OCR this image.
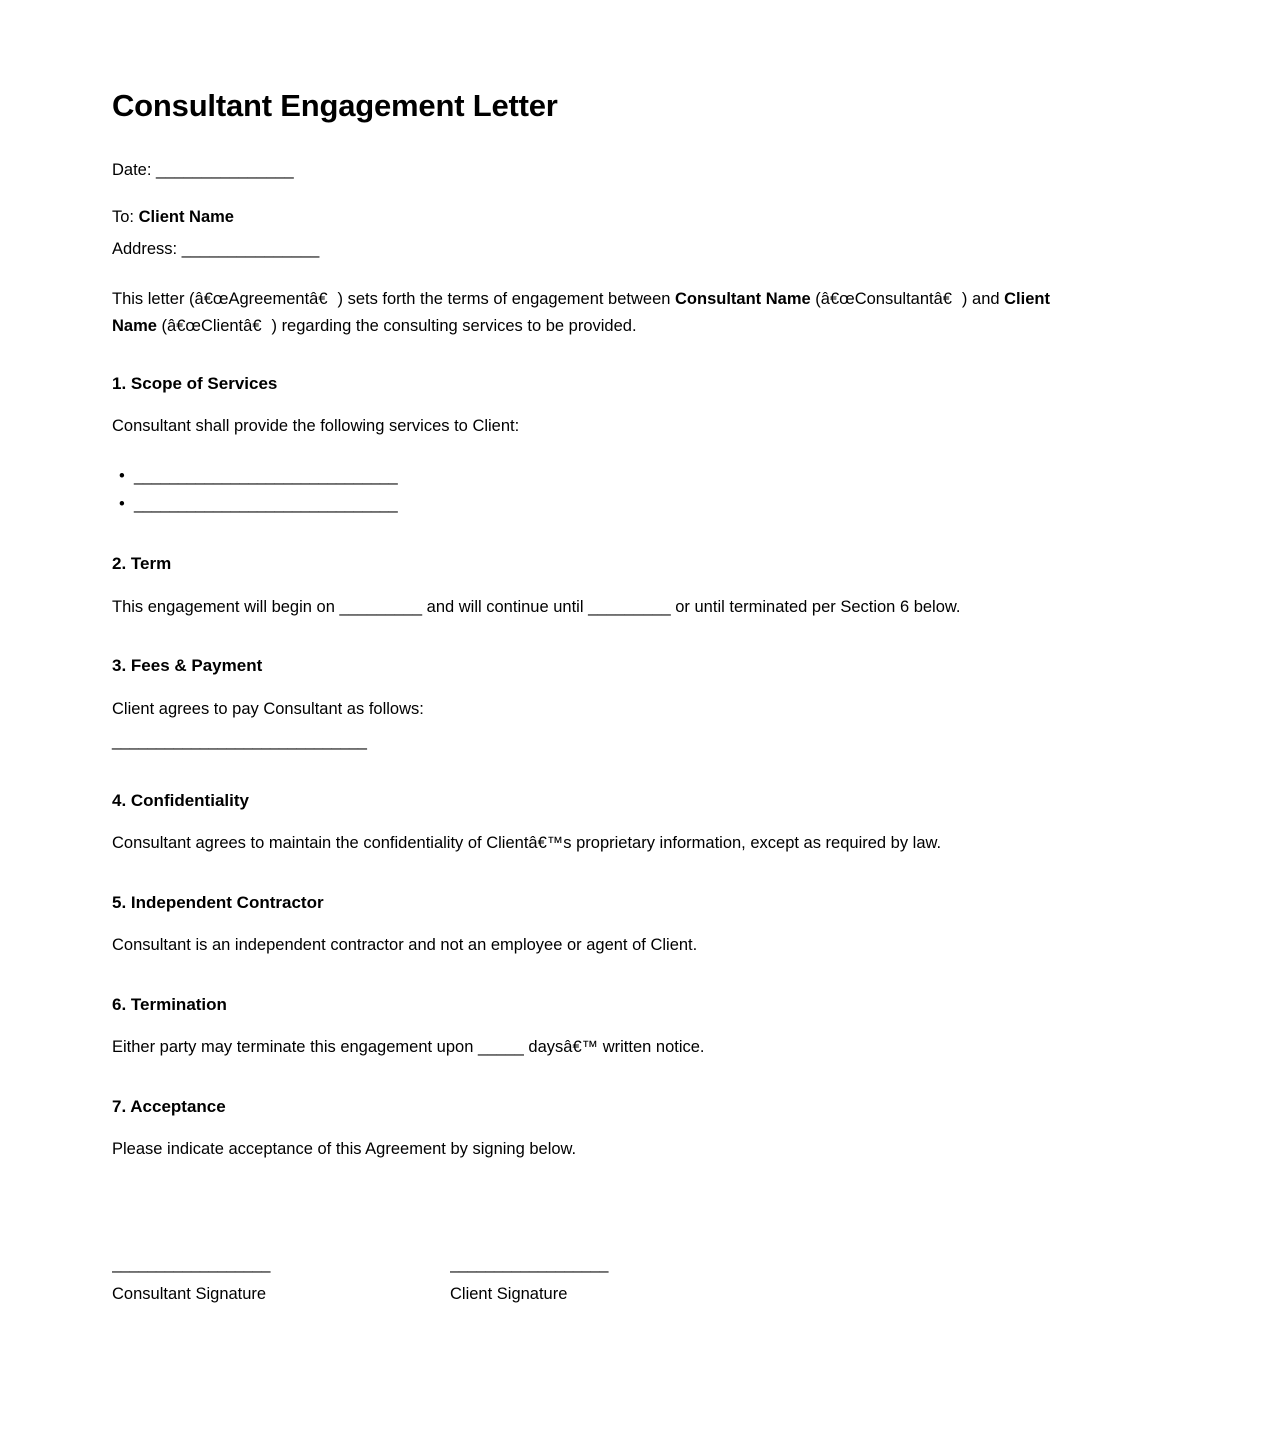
Consultant Engagement Letter

Date: _______________

To: Client Name

Address: _______________

This letter (â€œAgreementâ€) sets forth the terms of engagement between Consultant Name (â€œConsultantâ€) and Client Name (â€œClientâ€) regarding the consulting services to be provided.

1. Scope of Services

Consultant shall provide the following services to Client:

• ______________________________
• ______________________________
2. Term

This engagement will begin on _________ and will continue until _________ or until terminated per Section 6 below.

3. Fees & Payment

Client agrees to pay Consultant as follows:

_____________________________

4. Confidentiality

Consultant agrees to maintain the confidentiality of Clientâ€™s proprietary information, except as required by law.

5. Independent Contractor

Consultant is an independent contractor and not an employee or agent of Client.

6. Termination

Either party may terminate this engagement upon _____ daysâ€™ written notice.

7. Acceptance

Please indicate acceptance of this Agreement by signing below.

__________________
Consultant Signature
__________________
Client Signature
